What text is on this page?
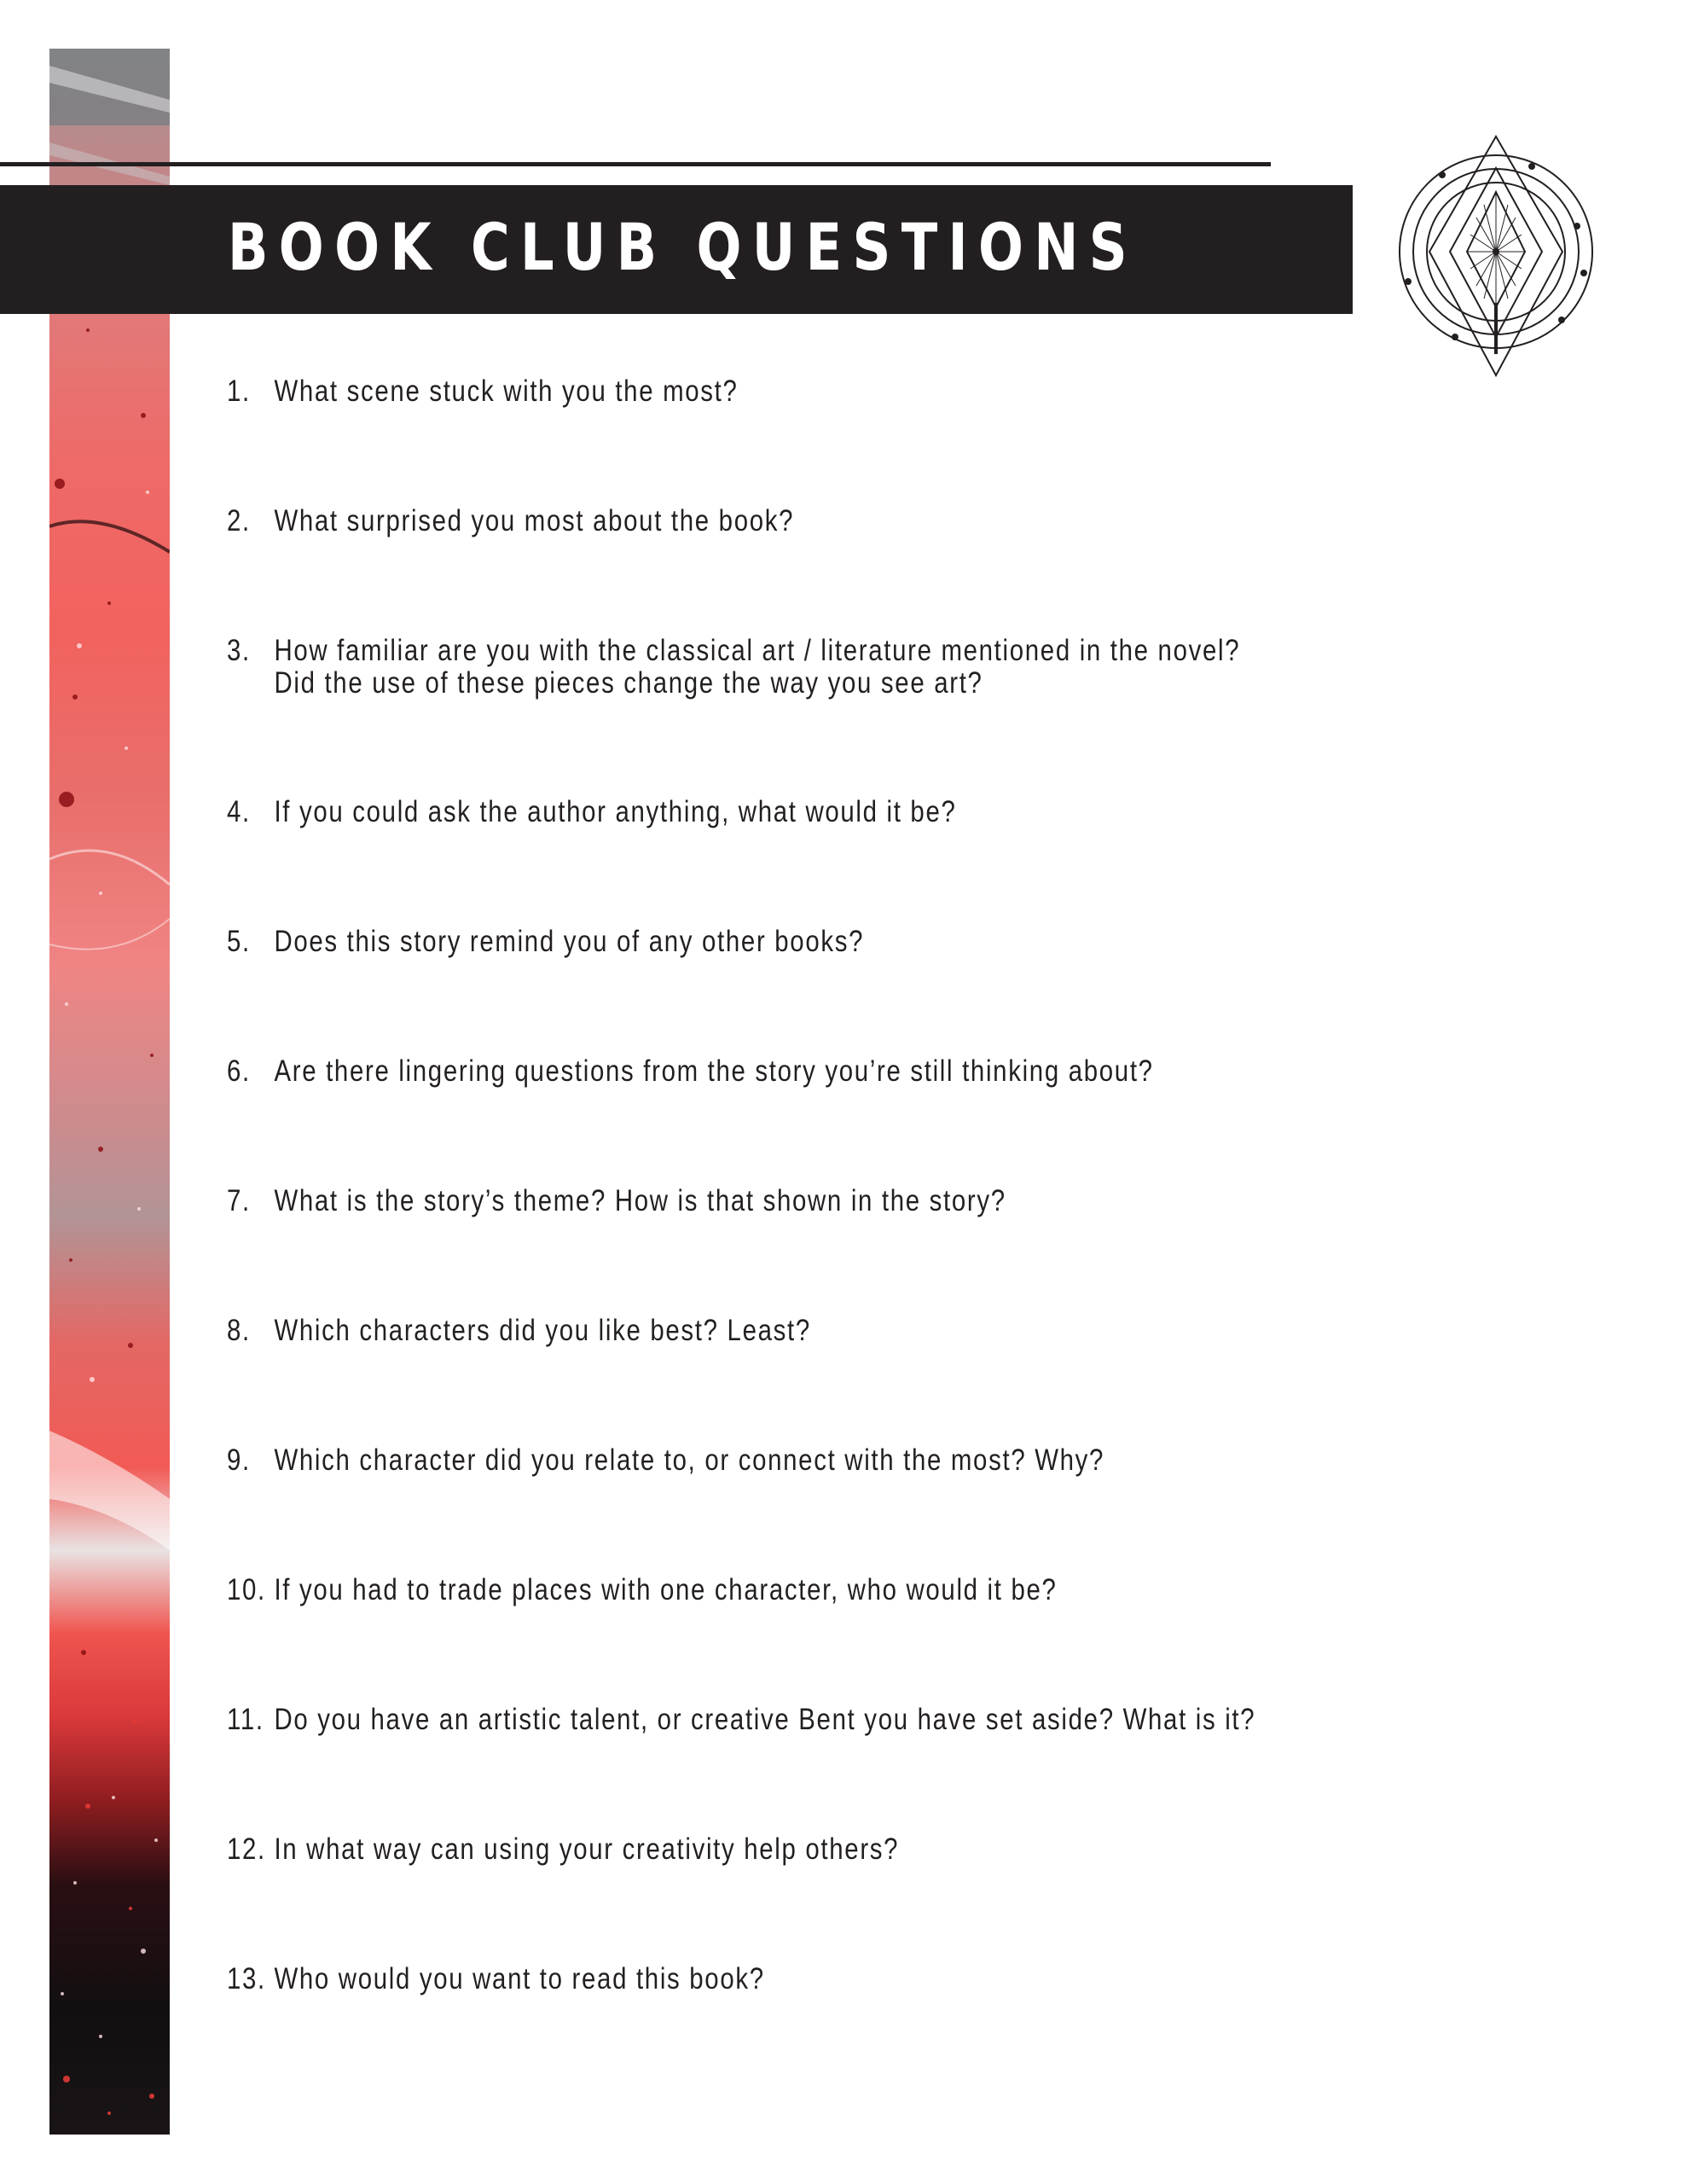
BOOK CLUB QUESTIONS
1. What scene stuck with you the most?
2. What surprised you most about the book?
3. How familiar are you with the classical art / literature mentioned in the novel?
Did the use of these pieces change the way you see art?
4. If you could ask the author anything, what would it be?
5. Does this story remind you of any other books?
6. Are there lingering questions from the story you’re still thinking about?
7. What is the story’s theme? How is that shown in the story?
8. Which characters did you like best? Least?
9. Which character did you relate to, or connect with the most? Why?
10. If you had to trade places with one character, who would it be?
11.Do you have an artistic talent, or creative Bent you have set aside? What is it?
12. In what way can using your creativity help others?
13. Who would you want to read this book?
